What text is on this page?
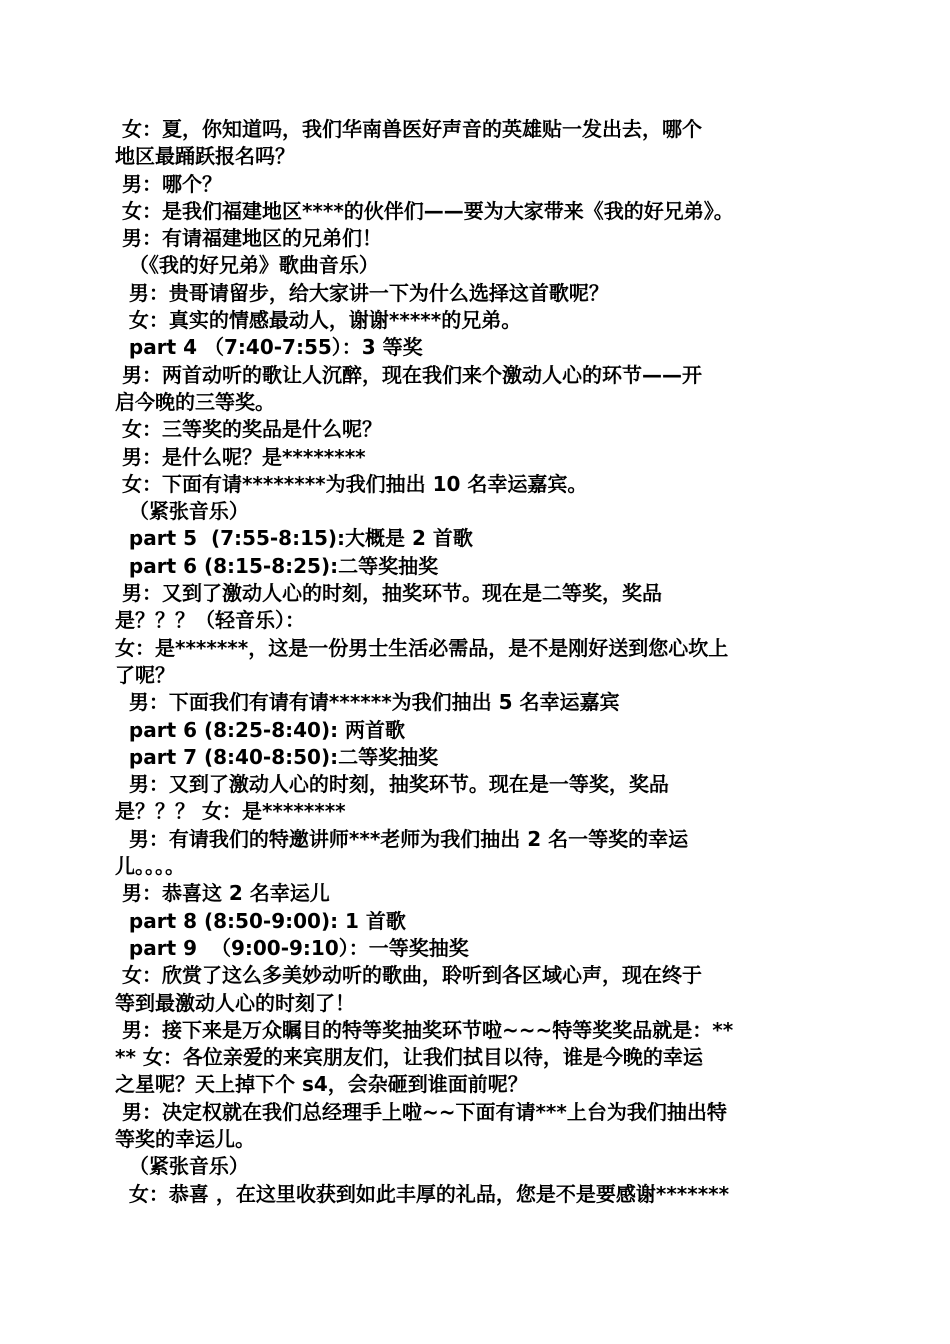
女：夏，你知道吗，我们华南兽医好声音的英雄贴一发出去，哪个
地区最踊跃报名吗？
男：哪个？
女：是我们福建地区****的伙伴们——要为大家带来《我的好兄弟》。
男：有请福建地区的兄弟们！
（《我的好兄弟》歌曲音乐）
男：贵哥请留步，给大家讲一下为什么选择这首歌呢？
女：真实的情感最动人，谢谢*****的兄弟。
part 4 （7:40-7:55）：3 等奖
男：两首动听的歌让人沉醉，现在我们来个激动人心的环节——开
启今晚的三等奖。
女：三等奖的奖品是什么呢？
男：是什么呢？是********
女：下面有请********为我们抽出 10 名幸运嘉宾。
（紧张音乐）
part 5  (7:55-8:15):大概是 2 首歌
part 6 (8:15-8:25):二等奖抽奖
男：又到了激动人心的时刻，抽奖环节。现在是二等奖，奖品
是？？？（轻音乐）：
女：是*******，这是一份男士生活必需品，是不是刚好送到您心坎上
了呢？
男：下面我们有请有请******为我们抽出 5 名幸运嘉宾
part 6 (8:25-8:40): 两首歌
part 7 (8:40-8:50):二等奖抽奖
男：又到了激动人心的时刻，抽奖环节。现在是一等奖，奖品
是？？？ 女：是********
男：有请我们的特邀讲师***老师为我们抽出 2 名一等奖的幸运
儿。。。。
男：恭喜这 2 名幸运儿
part 8 (8:50-9:00): 1 首歌
part 9  （9:00-9:10）：一等奖抽奖
女：欣赏了这么多美妙动听的歌曲，聆听到各区域心声，现在终于
等到最激动人心的时刻了！
男：接下来是万众瞩目的特等奖抽奖环节啦~~~特等奖奖品就是：**
** 女：各位亲爱的来宾朋友们，让我们拭目以待，谁是今晚的幸运
之星呢？天上掉下个 s4，会杂砸到谁面前呢？
男：决定权就在我们总经理手上啦~~下面有请***上台为我们抽出特
等奖的幸运儿。
（紧张音乐）
女：恭喜 ，在这里收获到如此丰厚的礼品，您是不是要感谢*******
